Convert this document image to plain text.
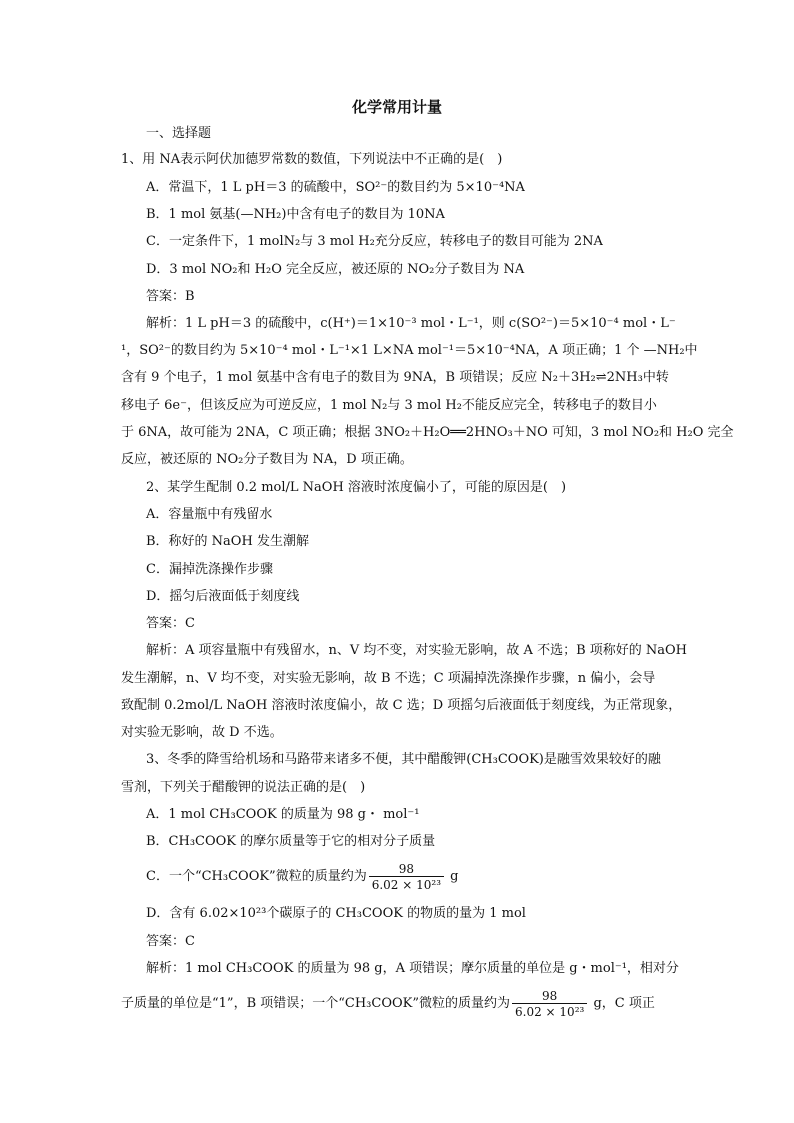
化学常用计量
一、选择题
1、用 NA表示阿伏加德罗常数的数值，下列说法中不正确的是(　)
A．常温下，1 L pH＝3 的硫酸中，SO²⁻的数目约为 5×10⁻⁴NA
B．1 mol 氨基(—NH₂)中含有电子的数目为 10NA
C．一定条件下，1 molN₂与 3 mol H₂充分反应，转移电子的数目可能为 2NA
D．3 mol NO₂和 H₂O 完全反应，被还原的 NO₂分子数目为 NA
答案：B
解析：1 L pH＝3 的硫酸中，c(H⁺)＝1×10⁻³ mol・L⁻¹，则 c(SO²⁻)＝5×10⁻⁴ mol・L⁻
¹，SO²⁻的数目约为 5×10⁻⁴ mol・L⁻¹×1 L×NA mol⁻¹＝5×10⁻⁴NA，A 项正确；1 个 —NH₂中
含有 9 个电子，1 mol 氨基中含有电子的数目为 9NA，B 项错误；反应 N₂＋3H₂⇌2NH₃中转
移电子 6e⁻，但该反应为可逆反应，1 mol N₂与 3 mol H₂不能反应完全，转移电子的数目小
于 6NA，故可能为 2NA，C 项正确；根据 3NO₂＋H₂O══2HNO₃＋NO 可知，3 mol NO₂和 H₂O 完全
反应，被还原的 NO₂分子数目为 NA，D 项正确。
2、某学生配制 0.2 mol/L NaOH 溶液时浓度偏小了，可能的原因是(　)
A．容量瓶中有残留水
B．称好的 NaOH 发生潮解
C．漏掉洗涤操作步骤
D．摇匀后液面低于刻度线
答案：C
解析：A 项容量瓶中有残留水，n、V 均不变，对实验无影响，故 A 不选；B 项称好的 NaOH
发生潮解，n、V 均不变，对实验无影响，故 B 不选；C 项漏掉洗涤操作步骤，n 偏小，会导
致配制 0.2mol/L NaOH 溶液时浓度偏小，故 C 选；D 项摇匀后液面低于刻度线，为正常现象，
对实验无影响，故 D 不选。
3、冬季的降雪给机场和马路带来诸多不便，其中醋酸钾(CH₃COOK)是融雪效果较好的融
雪剂，下列关于醋酸钾的说法正确的是(　)
A．1 mol CH₃COOK 的质量为 98 g・ mol⁻¹
B．CH₃COOK 的摩尔质量等于它的相对分子质量
C．一个“CH₃COOK”微粒的质量约为 $\frac{98}{\text{6.02 × 10²³}}$ g
D．含有 6.02×10²³个碳原子的 CH₃COOK 的物质的量为 1 mol
答案：C
解析：1 mol CH₃COOK 的质量为 98 g，A 项错误；摩尔质量的单位是 g・mol⁻¹，相对分
子质量的单位是“1”，B 项错误；一个“CH₃COOK”微粒的质量约为 $\frac{98}{\text{6.02 × 10²³}}$ g，C 项正
